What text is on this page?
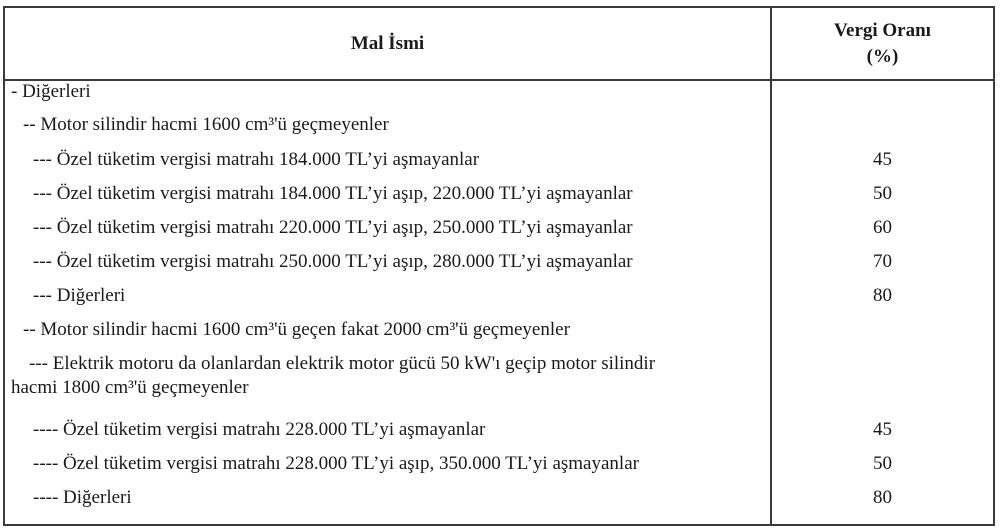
Mal İsmi
Vergi Oranı
(%)
- Diğerleri
-- Motor silindir hacmi 1600 cm³'ü geçmeyenler
--- Özel tüketim vergisi matrahı 184.000 TL’yi aşmayanlar	45
--- Özel tüketim vergisi matrahı 184.000 TL’yi aşıp, 220.000 TL’yi aşmayanlar	50
--- Özel tüketim vergisi matrahı 220.000 TL’yi aşıp, 250.000 TL’yi aşmayanlar	60
--- Özel tüketim vergisi matrahı 250.000 TL’yi aşıp, 280.000 TL’yi aşmayanlar	70
--- Diğerleri	80
-- Motor silindir hacmi 1600 cm³'ü geçen fakat 2000 cm³'ü geçmeyenler
--- Elektrik motoru da olanlardan elektrik motor gücü 50 kW'ı geçip motor silindir
hacmi 1800 cm³'ü geçmeyenler
---- Özel tüketim vergisi matrahı 228.000 TL’yi aşmayanlar	45
---- Özel tüketim vergisi matrahı 228.000 TL’yi aşıp, 350.000 TL’yi aşmayanlar	50
---- Diğerleri	80
